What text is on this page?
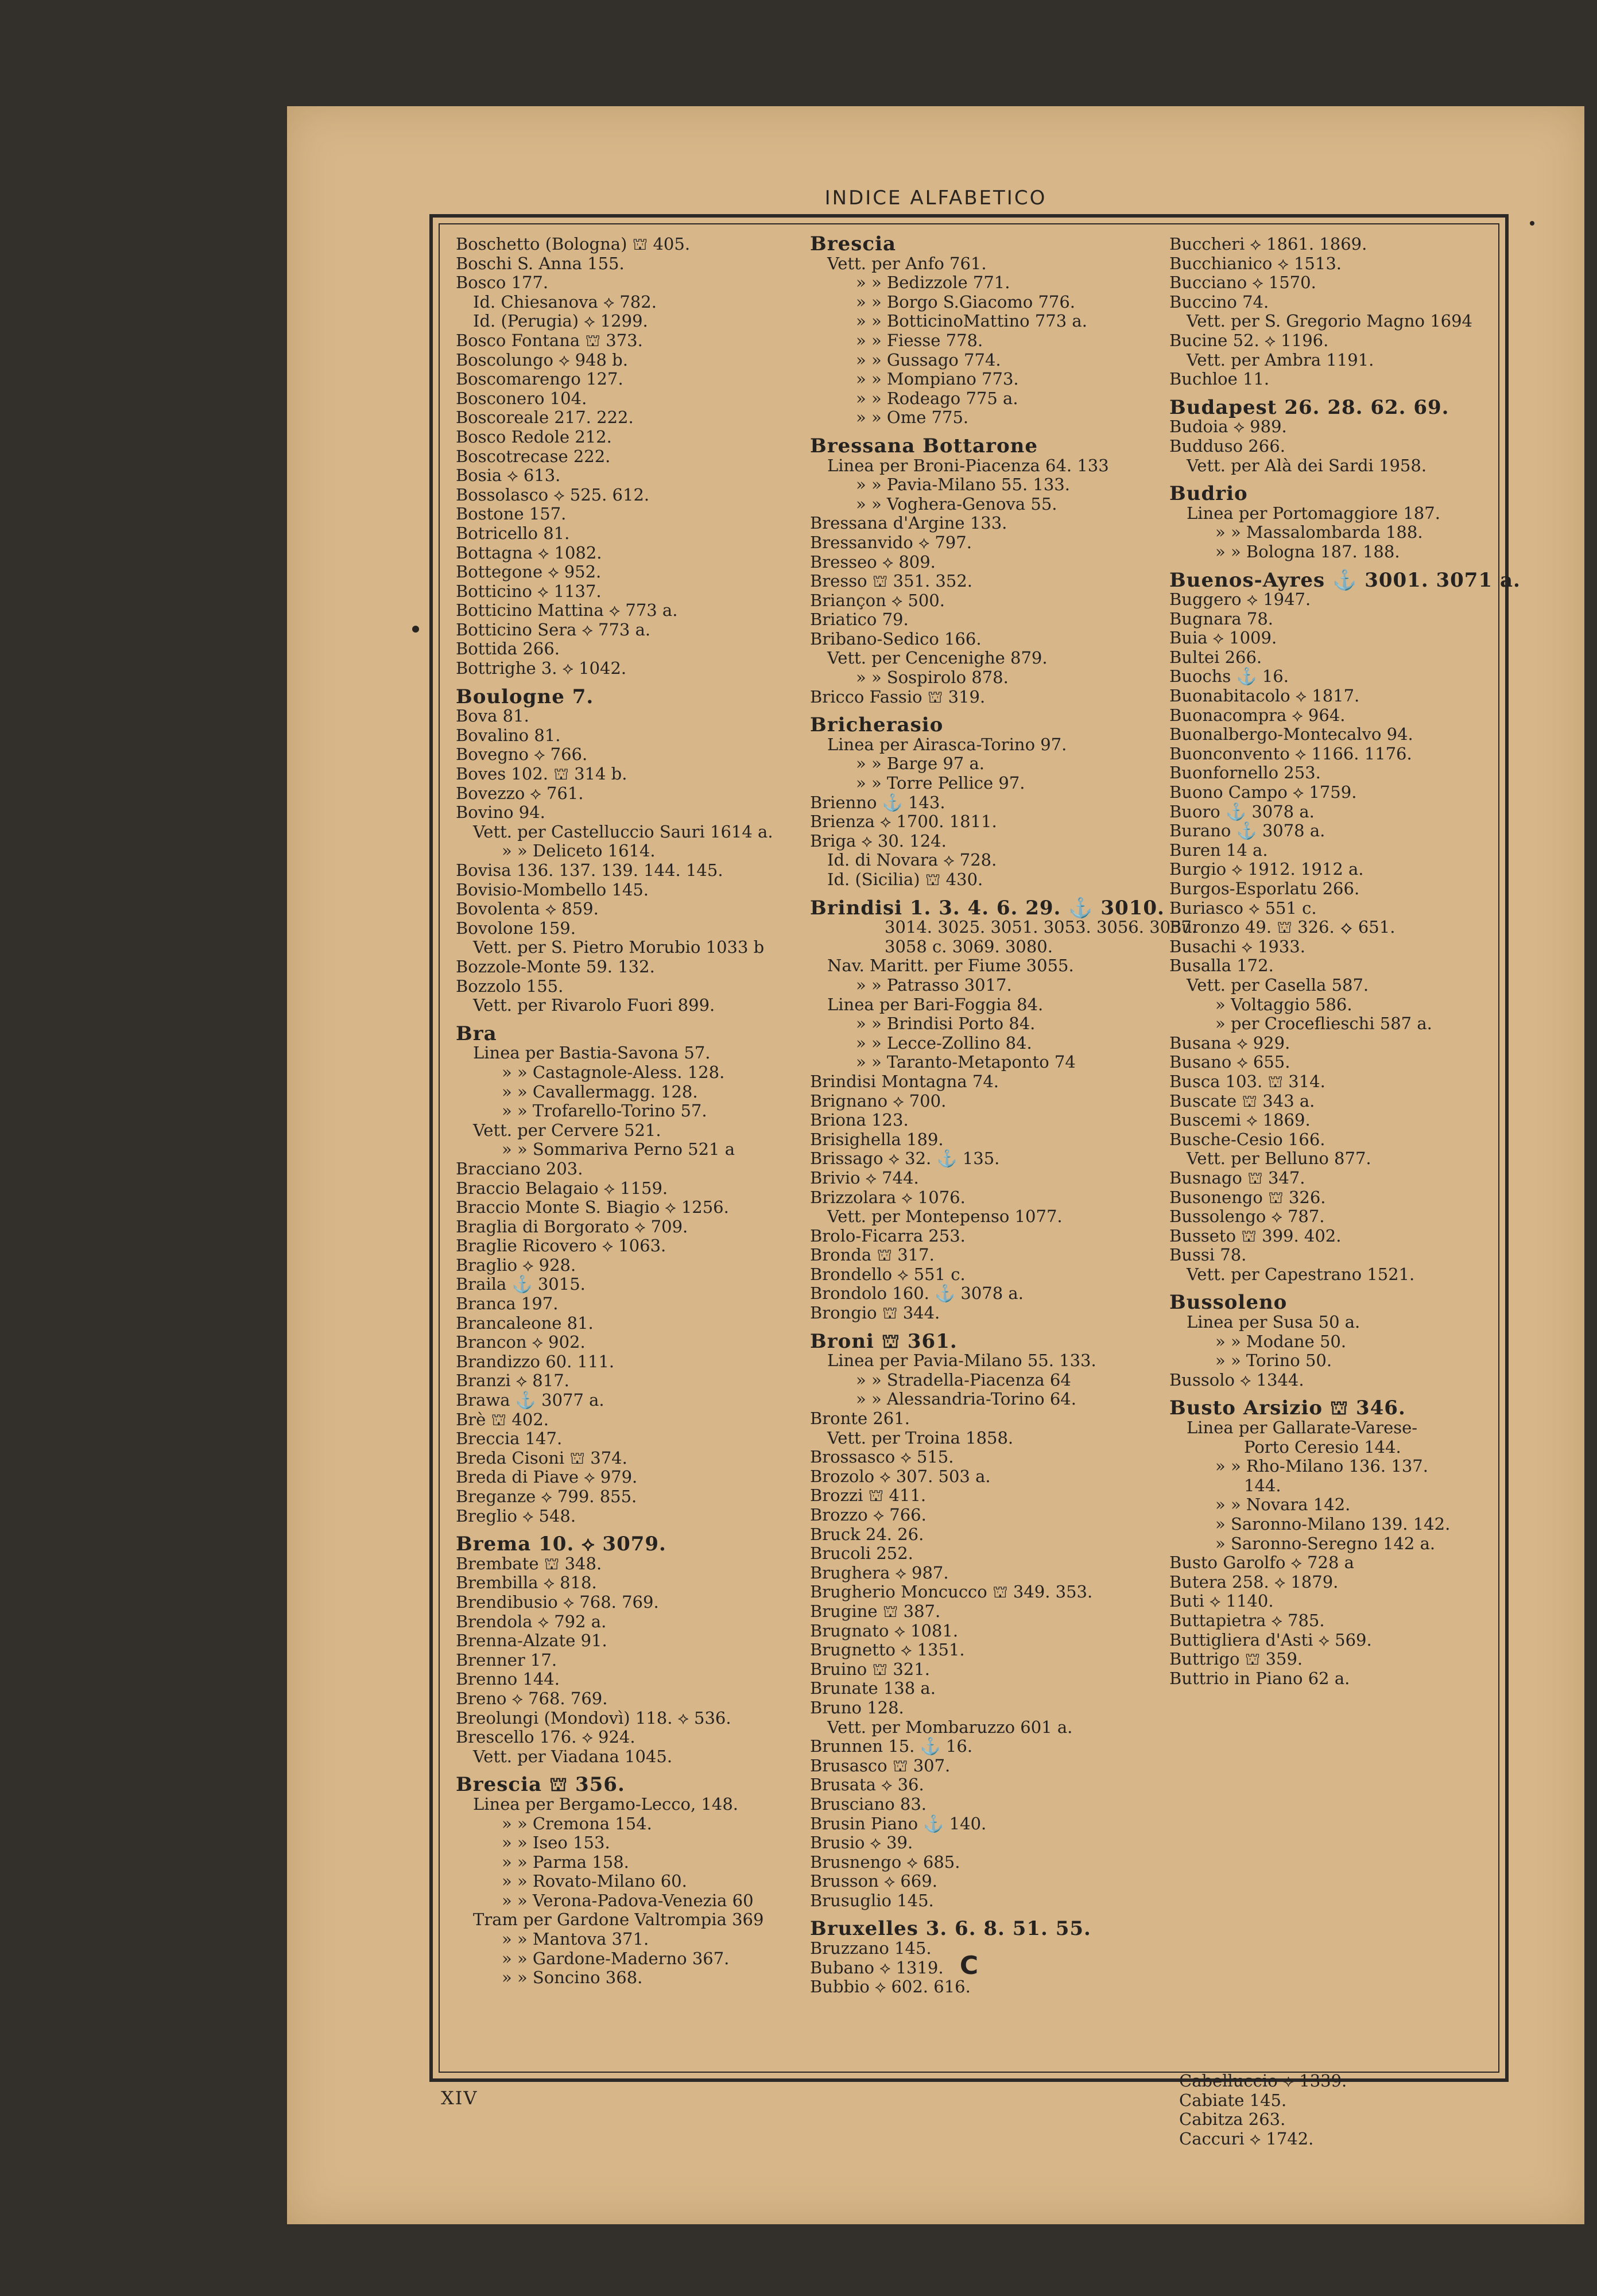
INDICE ALFABETICO
Boschetto (Bologna) ⛫ 405.
Boschi S. Anna 155.
Bosco 177.
Id. Chiesanova ⟡ 782.
Id. (Perugia) ⟡ 1299.
Bosco Fontana ⛫ 373.
Boscolungo ⟡ 948 b.
Boscomarengo 127.
Bosconero 104.
Boscoreale 217. 222.
Bosco Redole 212.
Boscotrecase 222.
Bosia ⟡ 613.
Bossolasco ⟡ 525. 612.
Bostone 157.
Botricello 81.
Bottagna ⟡ 1082.
Bottegone ⟡ 952.
Botticino ⟡ 1137.
Botticino Mattina ⟡ 773 a.
Botticino Sera ⟡ 773 a.
Bottida 266.
Bottrighe 3. ⟡ 1042.
Boulogne 7.
Bova 81.
Bovalino 81.
Bovegno ⟡ 766.
Boves 102. ⛫ 314 b.
Bovezzo ⟡ 761.
Bovino 94.
Vett. per Castelluccio Sauri 1614 a.
» » Deliceto 1614.
Bovisa 136. 137. 139. 144. 145.
Bovisio-Mombello 145.
Bovolenta ⟡ 859.
Bovolone 159.
Vett. per S. Pietro Morubio 1033 b
Bozzole-Monte 59. 132.
Bozzolo 155.
Vett. per Rivarolo Fuori 899.
Bra
Linea per Bastia-Savona 57.
» » Castagnole-Aless. 128.
» » Cavallermagg. 128.
» » Trofarello-Torino 57.
Vett. per Cervere 521.
» » Sommariva Perno 521 a
Bracciano 203.
Braccio Belagaio ⟡ 1159.
Braccio Monte S. Biagio ⟡ 1256.
Braglia di Borgorato ⟡ 709.
Braglie Ricovero ⟡ 1063.
Braglio ⟡ 928.
Braila ⚓ 3015.
Branca 197.
Brancaleone 81.
Brancon ⟡ 902.
Brandizzo 60. 111.
Branzi ⟡ 817.
Brawa ⚓ 3077 a.
Brè ⛫ 402.
Breccia 147.
Breda Cisoni ⛫ 374.
Breda di Piave ⟡ 979.
Breganze ⟡ 799. 855.
Breglio ⟡ 548.
Brema 10. ⟡ 3079.
Brembate ⛫ 348.
Brembilla ⟡ 818.
Brendibusio ⟡ 768. 769.
Brendola ⟡ 792 a.
Brenna-Alzate 91.
Brenner 17.
Brenno 144.
Breno ⟡ 768. 769.
Breolungi (Mondovì) 118. ⟡ 536.
Brescello 176. ⟡ 924.
Vett. per Viadana 1045.
Brescia ⛫ 356.
Linea per Bergamo-Lecco, 148.
» » Cremona 154.
» » Iseo 153.
» » Parma 158.
» » Rovato-Milano 60.
» » Verona-Padova-Venezia 60
Tram per Gardone Valtrompia 369
» » Mantova 371.
» » Gardone-Maderno 367.
» » Soncino 368.
Brescia
Vett. per Anfo 761.
» » Bedizzole 771.
» » Borgo S.Giacomo 776.
» » BotticinoMattino 773 a.
» » Fiesse 778.
» » Gussago 774.
» » Mompiano 773.
» » Rodeago 775 a.
» » Ome 775.
Bressana Bottarone
Linea per Broni-Piacenza 64. 133
» » Pavia-Milano 55. 133.
» » Voghera-Genova 55.
Bressana d'Argine 133.
Bressanvido ⟡ 797.
Bresseo ⟡ 809.
Bresso ⛫ 351. 352.
Briançon ⟡ 500.
Briatico 79.
Bribano-Sedico 166.
Vett. per Cencenighe 879.
» » Sospirolo 878.
Bricco Fassio ⛫ 319.
Bricherasio
Linea per Airasca-Torino 97.
» » Barge 97 a.
» » Torre Pellice 97.
Brienno ⚓ 143.
Brienza ⟡ 1700. 1811.
Briga ⟡ 30. 124.
Id. di Novara ⟡ 728.
Id. (Sicilia) ⛫ 430.
Brindisi 1. 3. 4. 6. 29. ⚓ 3010.
3014. 3025. 3051. 3053. 3056. 3057.
3058 c. 3069. 3080.
Nav. Maritt. per Fiume 3055.
» » Patrasso 3017.
Linea per Bari-Foggia 84.
» » Brindisi Porto 84.
» » Lecce-Zollino 84.
» » Taranto-Metaponto 74
Brindisi Montagna 74.
Brignano ⟡ 700.
Briona 123.
Brisighella 189.
Brissago ⟡ 32. ⚓ 135.
Brivio ⟡ 744.
Brizzolara ⟡ 1076.
Vett. per Montepenso 1077.
Brolo-Ficarra 253.
Bronda ⛫ 317.
Brondello ⟡ 551 c.
Brondolo 160. ⚓ 3078 a.
Brongio ⛫ 344.
Broni ⛫ 361.
Linea per Pavia-Milano 55. 133.
» » Stradella-Piacenza 64
» » Alessandria-Torino 64.
Bronte 261.
Vett. per Troina 1858.
Brossasco ⟡ 515.
Brozolo ⟡ 307. 503 a.
Brozzi ⛫ 411.
Brozzo ⟡ 766.
Bruck 24. 26.
Brucoli 252.
Brughera ⟡ 987.
Brugherio Moncucco ⛫ 349. 353.
Brugine ⛫ 387.
Brugnato ⟡ 1081.
Brugnetto ⟡ 1351.
Bruino ⛫ 321.
Brunate 138 a.
Bruno 128.
Vett. per Mombaruzzo 601 a.
Brunnen 15. ⚓ 16.
Brusasco ⛫ 307.
Brusata ⟡ 36.
Brusciano 83.
Brusin Piano ⚓ 140.
Brusio ⟡ 39.
Brusnengo ⟡ 685.
Brusson ⟡ 669.
Brusuglio 145.
Bruxelles 3. 6. 8. 51. 55.
Bruzzano 145.
Bubano ⟡ 1319.
Bubbio ⟡ 602. 616.
Buccheri ⟡ 1861. 1869.
Bucchianico ⟡ 1513.
Bucciano ⟡ 1570.
Buccino 74.
Vett. per S. Gregorio Magno 1694
Bucine 52. ⟡ 1196.
Vett. per Ambra 1191.
Buchloe 11.
Budapest 26. 28. 62. 69.
Budoia ⟡ 989.
Budduso 266.
Vett. per Alà dei Sardi 1958.
Budrio
Linea per Portomaggiore 187.
» » Massalombarda 188.
» » Bologna 187. 188.
Buenos-Ayres ⚓ 3001. 3071 a.
Buggero ⟡ 1947.
Bugnara 78.
Buia ⟡ 1009.
Bultei 266.
Buochs ⚓ 16.
Buonabitacolo ⟡ 1817.
Buonacompra ⟡ 964.
Buonalbergo-Montecalvo 94.
Buonconvento ⟡ 1166. 1176.
Buonfornello 253.
Buono Campo ⟡ 1759.
Buoro ⚓ 3078 a.
Burano ⚓ 3078 a.
Buren 14 a.
Burgio ⟡ 1912. 1912 a.
Burgos-Esporlatu 266.
Buriasco ⟡ 551 c.
Buronzo 49. ⛫ 326. ⟡ 651.
Busachi ⟡ 1933.
Busalla 172.
Vett. per Casella 587.
» Voltaggio 586.
» per Croceflieschi 587 a.
Busana ⟡ 929.
Busano ⟡ 655.
Busca 103. ⛫ 314.
Buscate ⛫ 343 a.
Buscemi ⟡ 1869.
Busche-Cesio 166.
Vett. per Belluno 877.
Busnago ⛫ 347.
Busonengo ⛫ 326.
Bussolengo ⟡ 787.
Busseto ⛫ 399. 402.
Bussi 78.
Vett. per Capestrano 1521.
Bussoleno
Linea per Susa 50 a.
» » Modane 50.
» » Torino 50.
Bussolo ⟡ 1344.
Busto Arsizio ⛫ 346.
Linea per Gallarate-Varese-
Porto Ceresio 144.
» » Rho-Milano 136. 137.
144.
» » Novara 142.
» Saronno-Milano 139. 142.
» Saronno-Seregno 142 a.
Busto Garolfo ⟡ 728 a
Butera 258. ⟡ 1879.
Buti ⟡ 1140.
Buttapietra ⟡ 785.
Buttigliera d'Asti ⟡ 569.
Buttrigo ⛫ 359.
Buttrio in Piano 62 a.
C
Cabelluccio ⟡ 1339.
Cabiate 145.
Cabitza 263.
Caccuri ⟡ 1742.
XIV
